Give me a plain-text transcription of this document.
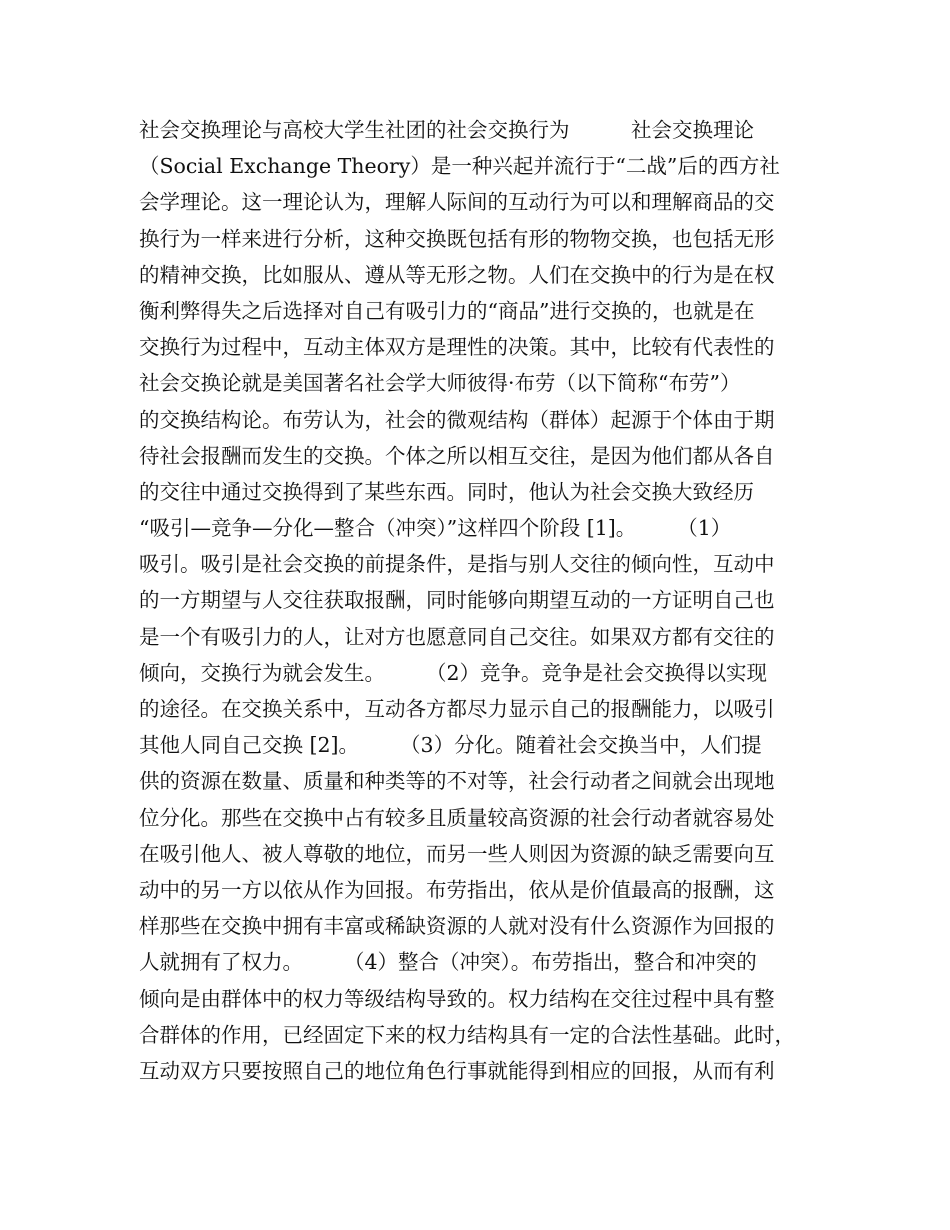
社会交换理论与高校大学生社团的社会交换行为　　　社会交换理论
（Social Exchange Theory）是一种兴起并流行于“二战”后的西方社
会学理论。这一理论认为，理解人际间的互动行为可以和理解商品的交
换行为一样来进行分析，这种交换既包括有形的物物交换，也包括无形
的精神交换，比如服从、遵从等无形之物。人们在交换中的行为是在权
衡利弊得失之后选择对自己有吸引力的“商品”进行交换的，也就是在
交换行为过程中，互动主体双方是理性的决策。其中，比较有代表性的
社会交换论就是美国著名社会学大师彼得·布劳（以下简称“布劳”）
的交换结构论。布劳认为，社会的微观结构（群体）起源于个体由于期
待社会报酬而发生的交换。个体之所以相互交往，是因为他们都从各自
的交往中通过交换得到了某些东西。同时，他认为社会交换大致经历
“吸引—竞争—分化—整合（冲突）”这样四个阶段 [1]。　　　（1）
吸引。吸引是社会交换的前提条件，是指与别人交往的倾向性，互动中
的一方期望与人交往获取报酬，同时能够向期望互动的一方证明自己也
是一个有吸引力的人，让对方也愿意同自己交往。如果双方都有交往的
倾向，交换行为就会发生。　　　（2）竞争。竞争是社会交换得以实现
的途径。在交换关系中，互动各方都尽力显示自己的报酬能力，以吸引
其他人同自己交换 [2]。　　　（3）分化。随着社会交换当中，人们提
供的资源在数量、质量和种类等的不对等，社会行动者之间就会出现地
位分化。那些在交换中占有较多且质量较高资源的社会行动者就容易处
在吸引他人、被人尊敬的地位，而另一些人则因为资源的缺乏需要向互
动中的另一方以依从作为回报。布劳指出，依从是价值最高的报酬，这
样那些在交换中拥有丰富或稀缺资源的人就对没有什么资源作为回报的
人就拥有了权力。　　　（4）整合（冲突）。布劳指出，整合和冲突的
倾向是由群体中的权力等级结构导致的。权力结构在交往过程中具有整
合群体的作用，已经固定下来的权力结构具有一定的合法性基础。此时，
互动双方只要按照自己的地位角色行事就能得到相应的回报，从而有利
